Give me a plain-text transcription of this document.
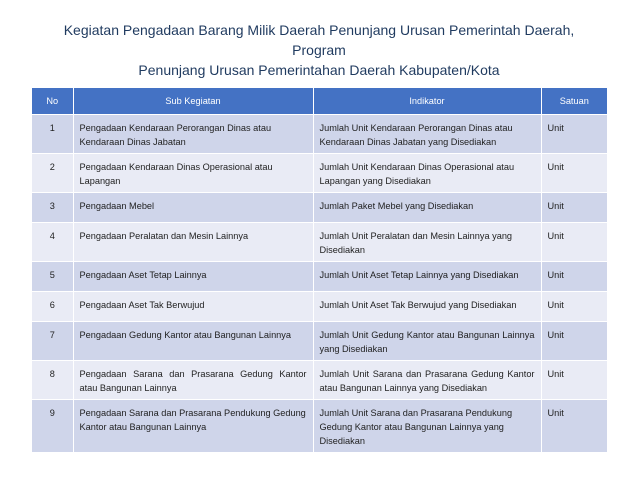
Kegiatan Pengadaan Barang Milik Daerah Penunjang Urusan Pemerintah Daerah, Program
Penunjang Urusan Pemerintahan Daerah Kabupaten/Kota
No	Sub Kegiatan	Indikator	Satuan
1	Pengadaan Kendaraan Perorangan Dinas atau Kendaraan Dinas Jabatan	Jumlah Unit Kendaraan Perorangan Dinas atau Kendaraan Dinas Jabatan yang Disediakan	Unit
2	Pengadaan Kendaraan Dinas Operasional atau Lapangan	Jumlah Unit Kendaraan Dinas Operasional atau Lapangan yang Disediakan	Unit
3	Pengadaan Mebel	Jumlah Paket Mebel yang Disediakan	Unit
4	Pengadaan Peralatan dan Mesin Lainnya	Jumlah Unit Peralatan dan Mesin Lainnya yang Disediakan	Unit
5	Pengadaan Aset Tetap Lainnya	Jumlah Unit Aset Tetap Lainnya yang Disediakan	Unit
6	Pengadaan Aset Tak Berwujud	Jumlah Unit Aset Tak Berwujud yang Disediakan	Unit
7	Pengadaan Gedung Kantor atau Bangunan Lainnya	Jumlah Unit Gedung Kantor atau Bangunan Lainnya yang Disediakan	Unit
8	Pengadaan Sarana dan Prasarana Gedung Kantor atau Bangunan Lainnya	Jumlah Unit Sarana dan Prasarana Gedung Kantor atau Bangunan Lainnya yang Disediakan	Unit
9	Pengadaan Sarana dan Prasarana Pendukung Gedung Kantor atau Bangunan Lainnya	Jumlah Unit Sarana dan Prasarana Pendukung Gedung Kantor atau Bangunan Lainnya yang Disediakan	Unit
